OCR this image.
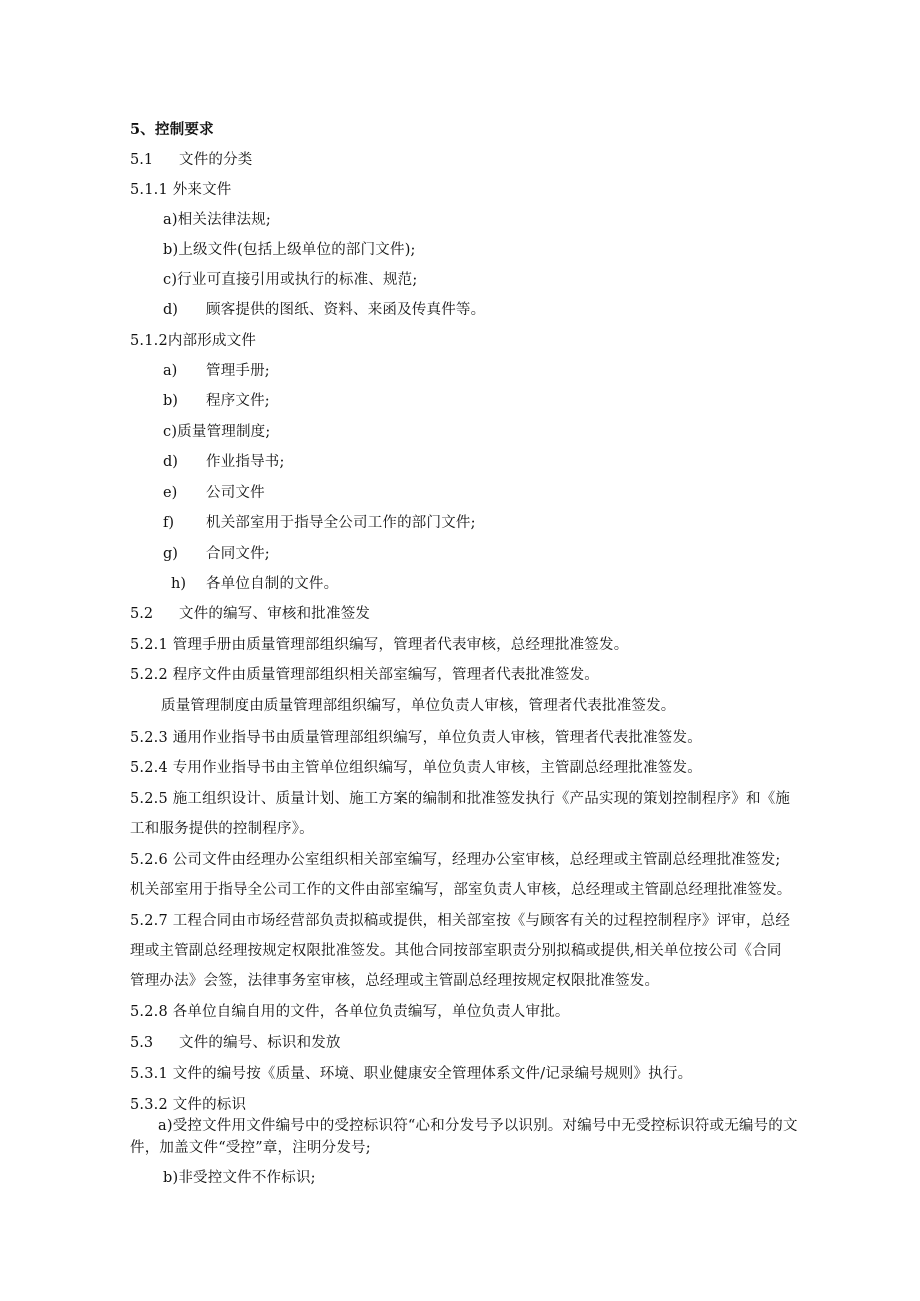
5、控制要求
5.1 文件的分类
5.1.1 外来文件
a)相关法律法规;
b)上级文件(包括上级单位的部门文件);
c)行业可直接引用或执行的标准、规范;
d) 顾客提供的图纸、资料、来函及传真件等。
5.1.2内部形成文件
a) 管理手册;
b) 程序文件;
c)质量管理制度;
d) 作业指导书;
e) 公司文件
f) 机关部室用于指导全公司工作的部门文件;
g) 合同文件;
h) 各单位自制的文件。
5.2 文件的编写、审核和批准签发
5.2.1 管理手册由质量管理部组织编写，管理者代表审核，总经理批准签发。
5.2.2 程序文件由质量管理部组织相关部室编写，管理者代表批准签发。
质量管理制度由质量管理部组织编写，单位负责人审核，管理者代表批准签发。
5.2.3 通用作业指导书由质量管理部组织编写，单位负责人审核，管理者代表批准签发。
5.2.4 专用作业指导书由主管单位组织编写，单位负责人审核，主管副总经理批准签发。
5.2.5 施工组织设计、质量计划、施工方案的编制和批准签发执行《产品实现的策划控制程序》和《施
工和服务提供的控制程序》。
5.2.6 公司文件由经理办公室组织相关部室编写，经理办公室审核，总经理或主管副总经理批准签发;
机关部室用于指导全公司工作的文件由部室编写，部室负责人审核，总经理或主管副总经理批准签发。
5.2.7 工程合同由市场经营部负责拟稿或提供，相关部室按《与顾客有关的过程控制程序》评审，总经
理或主管副总经理按规定权限批准签发。其他合同按部室职责分别拟稿或提供,相关单位按公司《合同
管理办法》会签，法律事务室审核，总经理或主管副总经理按规定权限批准签发。
5.2.8 各单位自编自用的文件，各单位负责编写，单位负责人审批。
5.3 文件的编号、标识和发放
5.3.1 文件的编号按《质量、环境、职业健康安全管理体系文件/记录编号规则》执行。
5.3.2 文件的标识
a)受控文件用文件编号中的受控标识符“心和分发号予以识别。对编号中无受控标识符或无编号的文
件，加盖文件“受控”章，注明分发号;
b)非受控文件不作标识;
